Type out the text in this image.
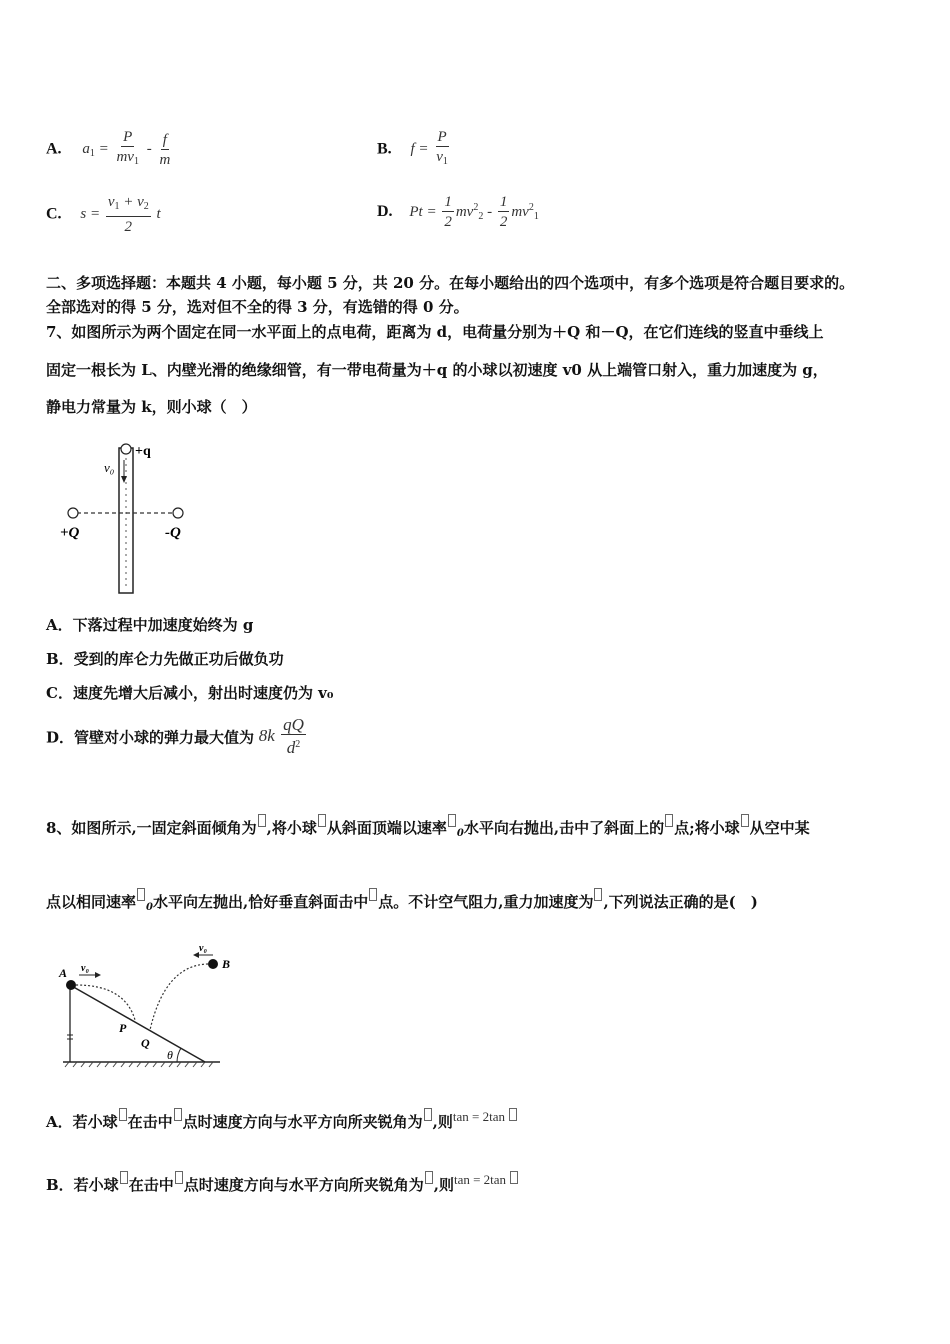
A. $a_1 = \frac{P}{mv_1} - \frac{f}{m}$	B. $f = \frac{P}{v_1}$
C. $s = \frac{v_1 + v_2}{2}$ t	D. $Pt = \frac{1}{2} mv^2_2 - \frac{1}{2} mv^2_1$
二、多项选择题：本题共 4 小题，每小题 5 分，共 20 分。在每小题给出的四个选项中，有多个选项是符合题目要求的。
全部选对的得 5 分，选对但不全的得 3 分，有选错的得 0 分。
7、如图所示为两个固定在同一水平面上的点电荷，距离为 d，电荷量分别为＋Q 和－Q，在它们连线的竖直中垂线上
固定一根长为 L、内壁光滑的绝缘细管，有一带电荷量为＋q 的小球以初速度 v0 从上端管口射入，重力加速度为 g，
静电力常量为 k，则小球（　）
+q
v₀
+Q	-Q
A．下落过程中加速度始终为 g
B．受到的库仑力先做正功后做负功
C．速度先增大后减小，射出时速度仍为 v₀
D．管壁对小球的弹力最大值为 $8k \frac{qQ}{d^2}$
8、如图所示,一固定斜面倾角为 ,将小球 从斜面顶端以速率 $_0$水平向右抛出,击中了斜面上的 点;将小球 从空中某
点以相同速率 $_0$水平向左抛出,恰好垂直斜面击中 点。不计空气阻力,重力加速度为 ,下列说法正确的是(　)
θ
A v₀	B
v₀
P
Q
A．若小球 在击中 点时速度方向与水平方向所夹锐角为 ,则tan = 2tan
B．若小球 在击中 点时速度方向与水平方向所夹锐角为 ,则tan = 2tan
